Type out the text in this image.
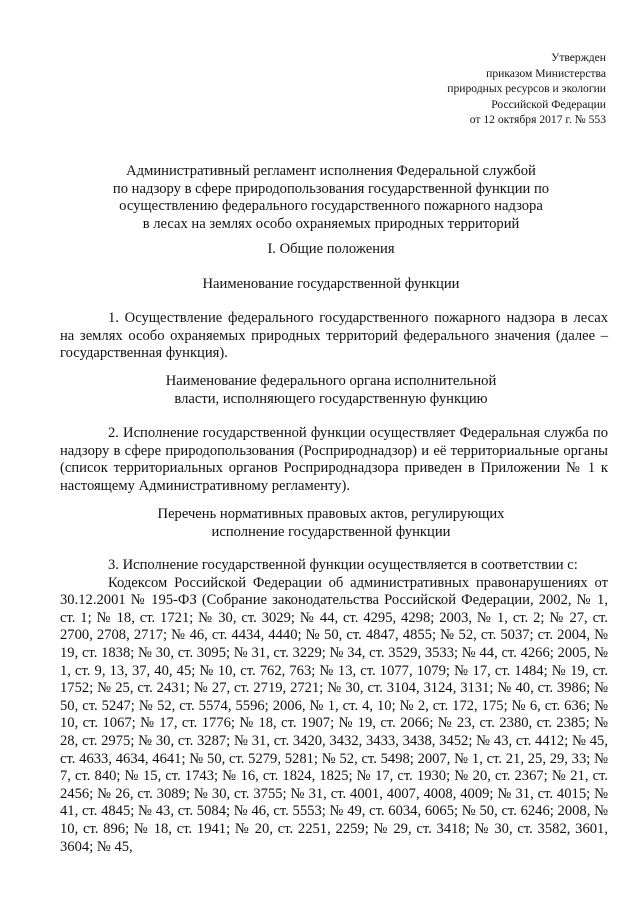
Утвержден
приказом Министерства
природных ресурсов и экологии
Российской Федерации
от 12 октября 2017 г. № 553
Административный регламент исполнения Федеральной службой
по надзору в сфере природопользования государственной функции по
осуществлению федерального государственного пожарного надзора
в лесах на землях особо охраняемых природных территорий
I. Общие положения
Наименование государственной функции

1. Осуществление федерального государственного пожарного надзора в лесах на землях особо охраняемых природных территорий федерального значения (далее – государственная функция).

Наименование федерального органа исполнительной
власти, исполняющего государственную функцию

2. Исполнение государственной функции осуществляет Федеральная служба по надзору в сфере природопользования (Росприроднадзор) и её территориальные органы (список территориальных органов Росприроднадзора приведен в Приложении № 1 к настоящему Административному регламенту).

Перечень нормативных правовых актов, регулирующих
исполнение государственной функции

3. Исполнение государственной функции осуществляется в соответствии с:

Кодексом Российской Федерации об административных правонарушениях от 30.12.2001 № 195-ФЗ (Собрание законодательства Российской Федерации, 2002, № 1, ст. 1; № 18, ст. 1721; № 30, ст. 3029; № 44, ст. 4295, 4298; 2003, № 1, ст. 2; № 27, ст. 2700, 2708, 2717; № 46, ст. 4434, 4440; № 50, ст. 4847, 4855; № 52, ст. 5037; ст. 2004, № 19, ст. 1838; № 30, ст. 3095; № 31, ст. 3229; № 34, ст. 3529, 3533; № 44, ст. 4266; 2005, № 1, ст. 9, 13, 37, 40, 45; № 10, ст. 762, 763; № 13, ст. 1077, 1079; № 17, ст. 1484; № 19, ст. 1752; № 25, ст. 2431; № 27, ст. 2719, 2721; № 30, ст. 3104, 3124, 3131; № 40, ст. 3986; № 50, ст. 5247; № 52, ст. 5574, 5596; 2006, № 1, ст. 4, 10; № 2, ст. 172, 175; № 6, ст. 636; № 10, ст. 1067; № 17, ст. 1776; № 18, ст. 1907; № 19, ст. 2066; № 23, ст. 2380, ст. 2385; № 28, ст. 2975; № 30, ст. 3287; № 31, ст. 3420, 3432, 3433, 3438, 3452; № 43, ст. 4412; № 45, ст. 4633, 4634, 4641; № 50, ст. 5279, 5281; № 52, ст. 5498; 2007, № 1, ст. 21, 25, 29, 33; № 7, ст. 840; № 15, ст. 1743; № 16, ст. 1824, 1825; № 17, ст. 1930; № 20, ст. 2367; № 21, ст. 2456; № 26, ст. 3089; № 30, ст. 3755; № 31, ст. 4001, 4007, 4008, 4009; № 31, ст. 4015; № 41, ст. 4845; № 43, ст. 5084; № 46, ст. 5553; № 49, ст. 6034, 6065; № 50, ст. 6246; 2008, № 10, ст. 896; № 18, ст. 1941; № 20, ст. 2251, 2259; № 29, ст. 3418; № 30, ст. 3582, 3601, 3604; № 45,
